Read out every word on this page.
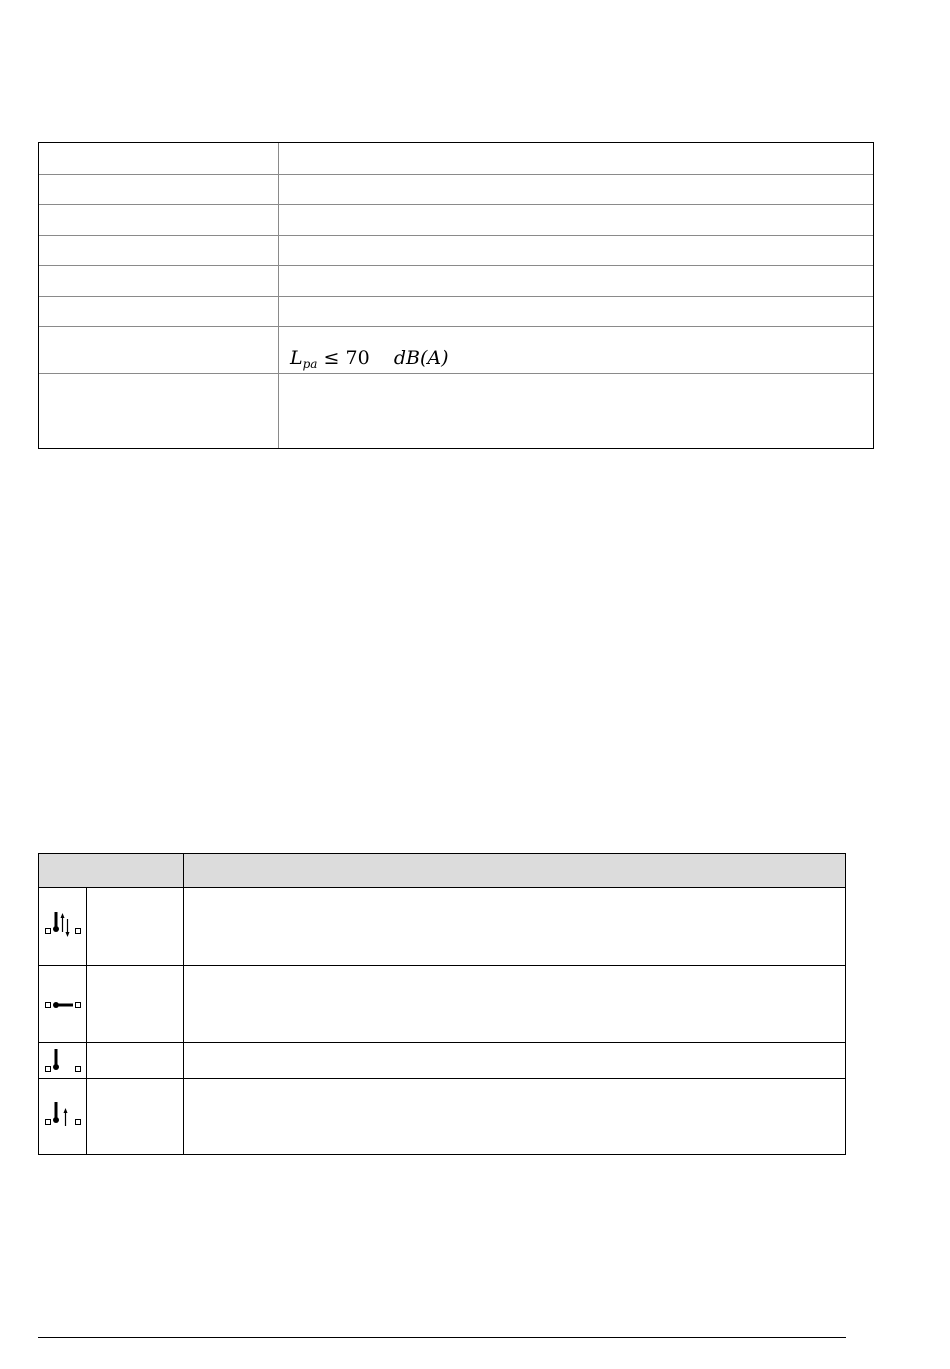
$L_{pa} \le 70$ dB(A)
